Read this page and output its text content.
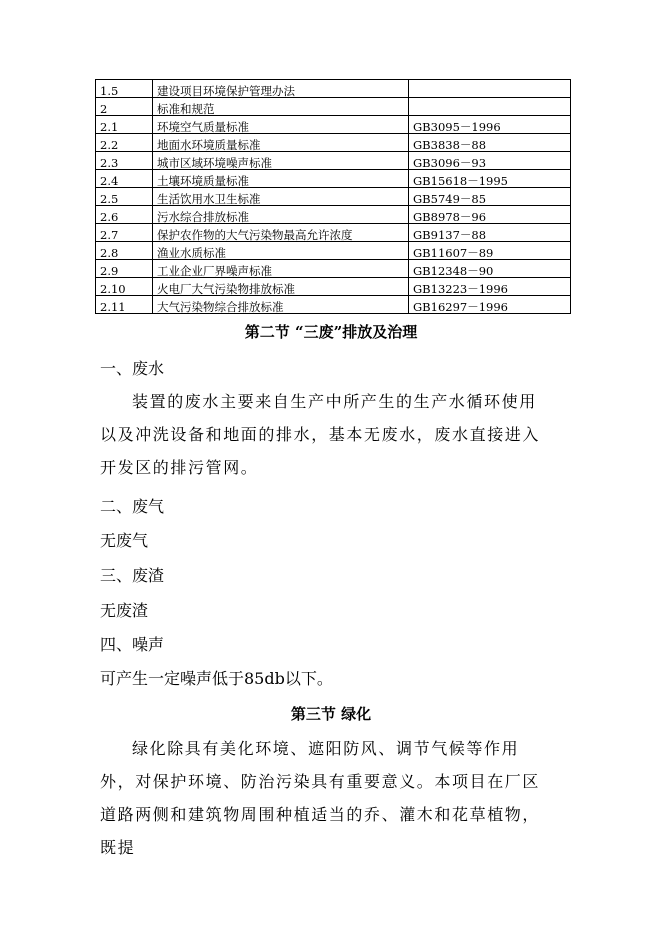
1.5	建设项目环境保护管理办法	
2	标准和规范	
2.1	环境空气质量标准	GB3095－1996
2.2	地面水环境质量标准	GB3838－88
2.3	城市区域环境噪声标准	GB3096－93
2.4	土壤环境质量标准	GB15618－1995
2.5	生活饮用水卫生标准	GB5749－85
2.6	污水综合排放标准	GB8978－96
2.7	保护农作物的大气污染物最高允许浓度	GB9137－88
2.8	渔业水质标准	GB11607－89
2.9	工业企业厂界噪声标准	GB12348－90
2.10	火电厂大气污染物排放标准	GB13223－1996
2.11	大气污染物综合排放标准	GB16297－1996
第二节 “三废”排放及治理
一、废水
装置的废水主要来自生产中所产生的生产水循环使用以及冲洗设备和地面的排水，基本无废水，废水直接进入开发区的排污管网。
二、废气
无废气
三、废渣
无废渣
四、噪声
可产生一定噪声低于85db以下。
第三节 绿化
绿化除具有美化环境、遮阳防风、调节气候等作用外，对保护环境、防治污染具有重要意义。本项目在厂区道路两侧和建筑物周围种植适当的乔、灌木和花草植物，既提
